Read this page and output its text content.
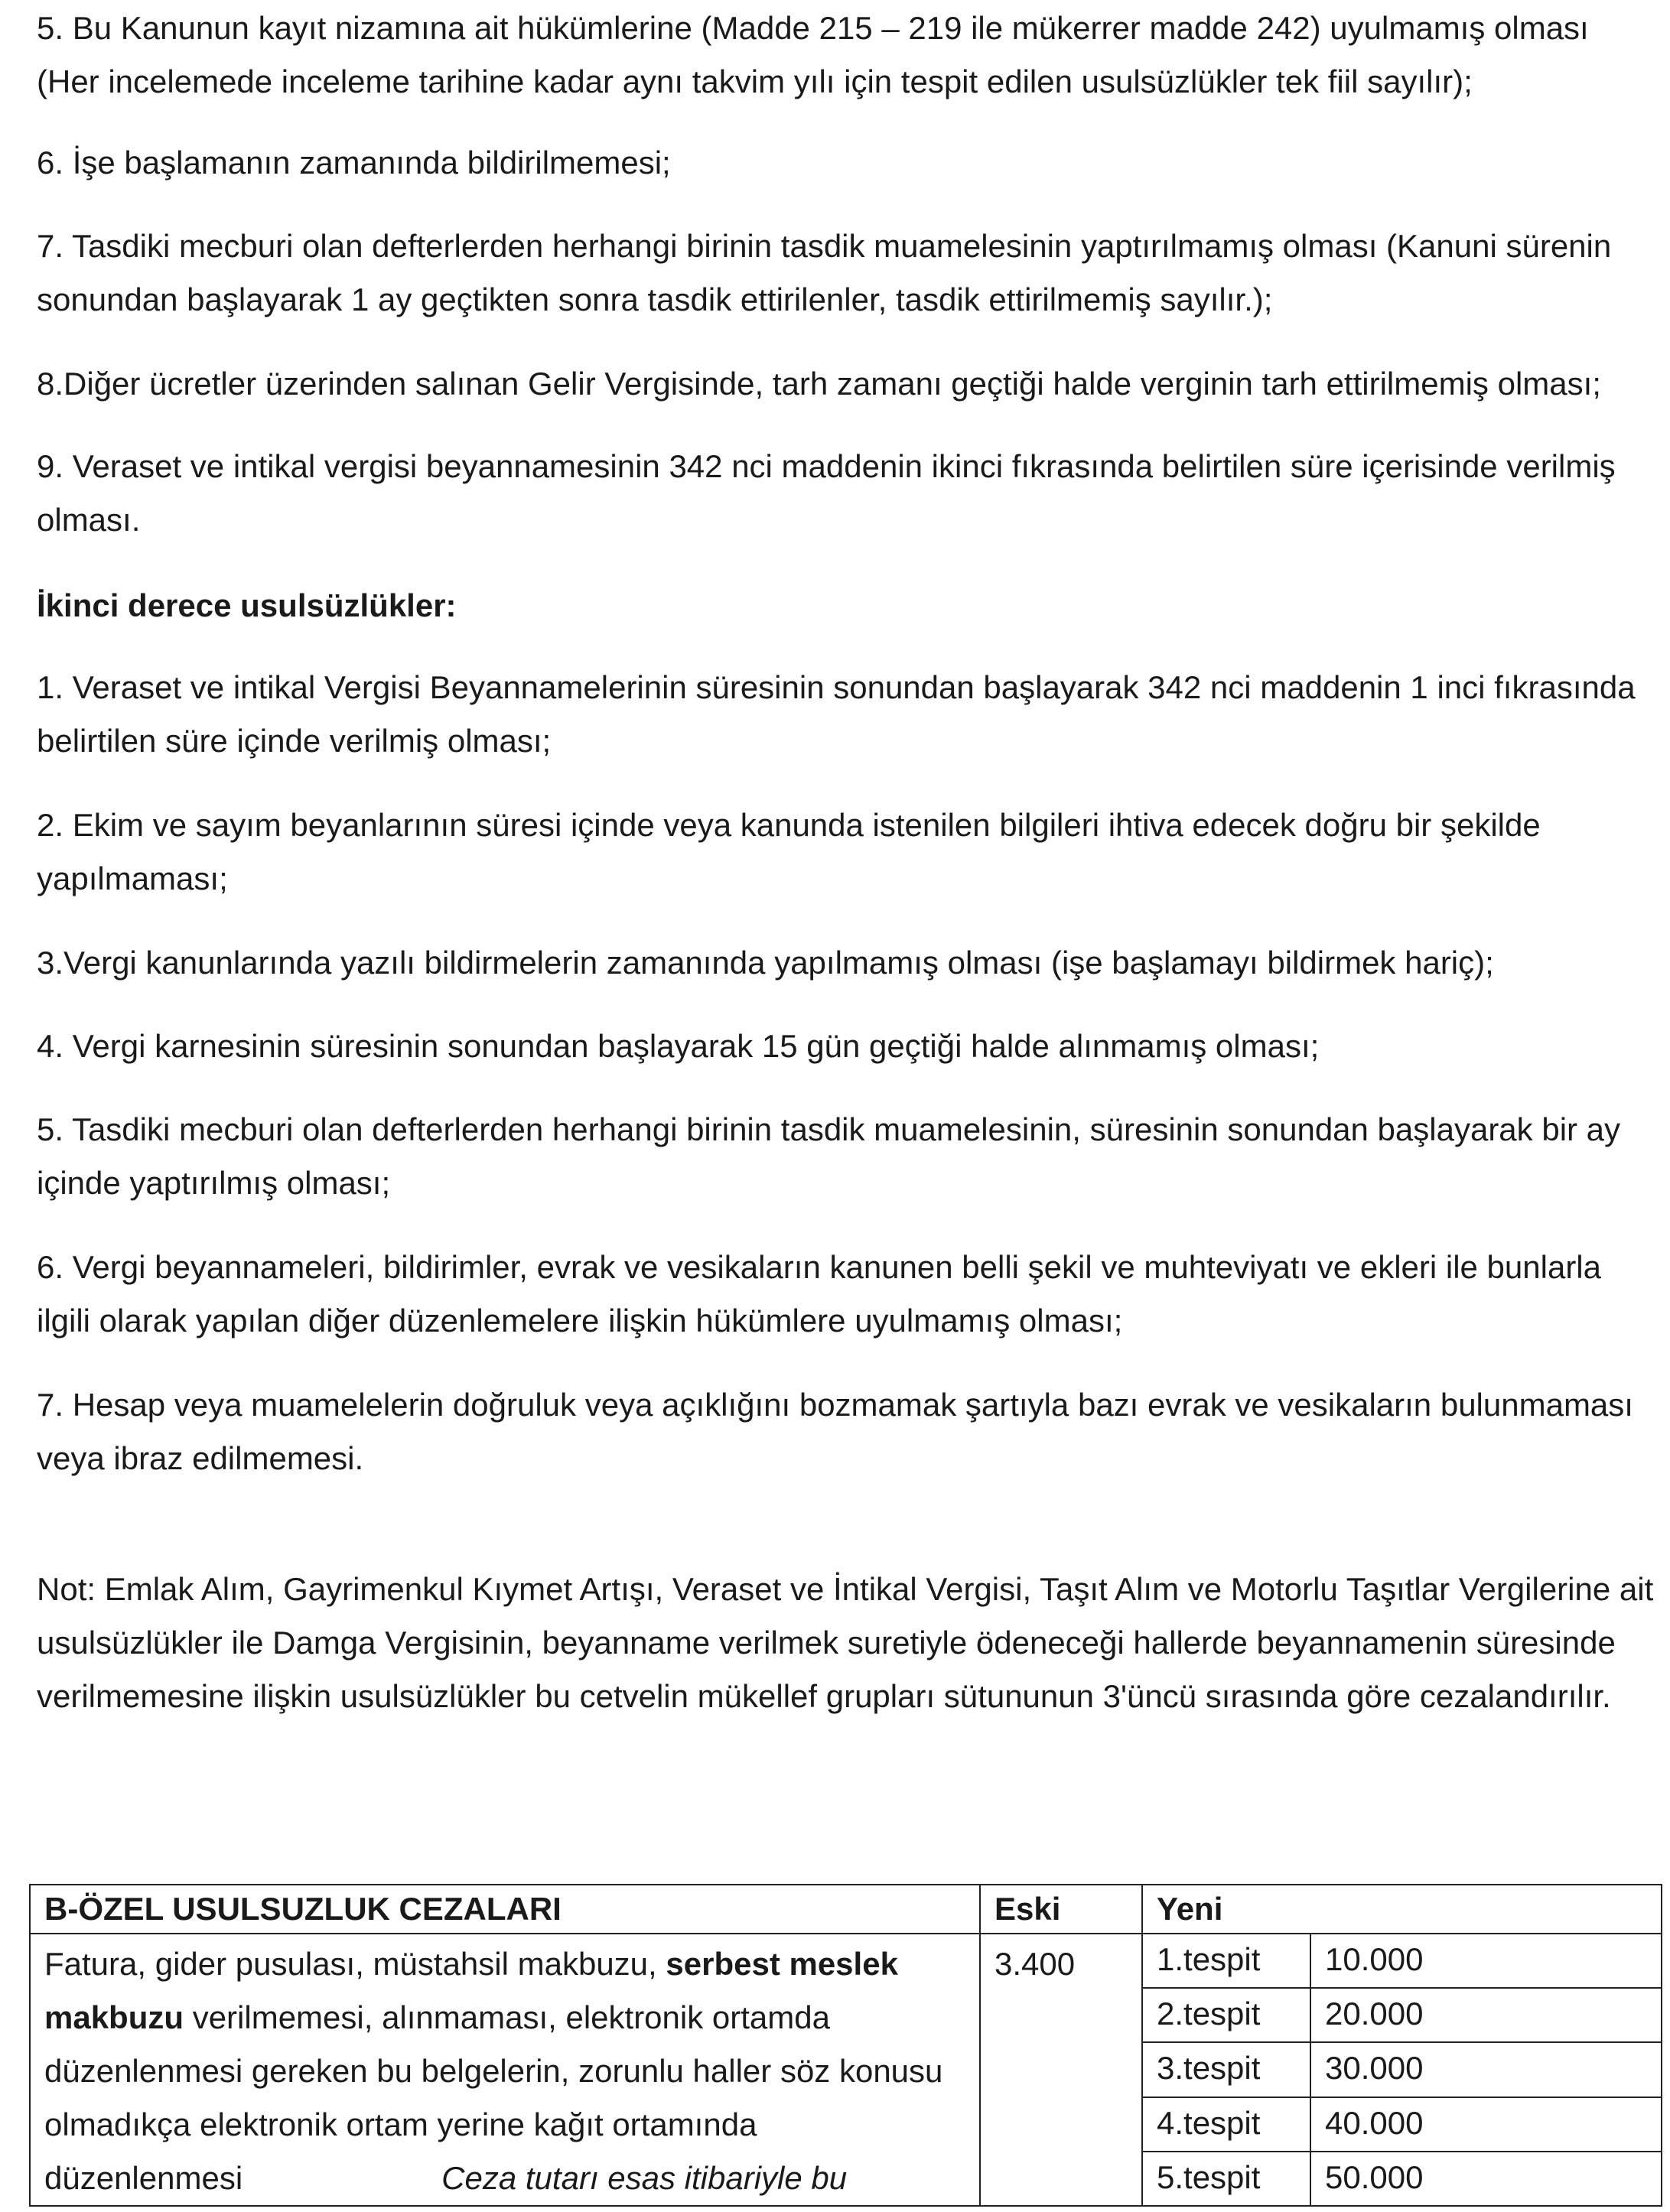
5. Bu Kanunun kayıt nizamına ait hükümlerine (Madde 215 – 219 ile mükerrer madde 242) uyulmamış olması
(Her incelemede inceleme tarihine kadar aynı takvim yılı için tespit edilen usulsüzlükler tek fiil sayılır);
6. İşe başlamanın zamanında bildirilmemesi;
7. Tasdiki mecburi olan defterlerden herhangi birinin tasdik muamelesinin yaptırılmamış olması (Kanuni sürenin
sonundan başlayarak 1 ay geçtikten sonra tasdik ettirilenler, tasdik ettirilmemiş sayılır.);
8.Diğer ücretler üzerinden salınan Gelir Vergisinde, tarh zamanı geçtiği halde verginin tarh ettirilmemiş olması;
9. Veraset ve intikal vergisi beyannamesinin 342 nci maddenin ikinci fıkrasında belirtilen süre içerisinde verilmiş
olması.
İkinci derece usulsüzlükler:
1. Veraset ve intikal Vergisi Beyannamelerinin süresinin sonundan başlayarak 342 nci maddenin 1 inci fıkrasında
belirtilen süre içinde verilmiş olması;
2. Ekim ve sayım beyanlarının süresi içinde veya kanunda istenilen bilgileri ihtiva edecek doğru bir şekilde
yapılmaması;
3.Vergi kanunlarında yazılı bildirmelerin zamanında yapılmamış olması (işe başlamayı bildirmek hariç);
4. Vergi karnesinin süresinin sonundan başlayarak 15 gün geçtiği halde alınmamış olması;
5. Tasdiki mecburi olan defterlerden herhangi birinin tasdik muamelesinin, süresinin sonundan başlayarak bir ay
içinde yaptırılmış olması;
6. Vergi beyannameleri, bildirimler, evrak ve vesikaların kanunen belli şekil ve muhteviyatı ve ekleri ile bunlarla
ilgili olarak yapılan diğer düzenlemelere ilişkin hükümlere uyulmamış olması;
7. Hesap veya muamelelerin doğruluk veya açıklığını bozmamak şartıyla bazı evrak ve vesikaların bulunmaması
veya ibraz edilmemesi.
Not: Emlak Alım, Gayrimenkul Kıymet Artışı, Veraset ve İntikal Vergisi, Taşıt Alım ve Motorlu Taşıtlar Vergilerine ait
usulsüzlükler ile Damga Vergisinin, beyanname verilmek suretiyle ödeneceği hallerde beyannamenin süresinde
verilmemesine ilişkin usulsüzlükler bu cetvelin mükellef grupları sütununun 3'üncü sırasında göre cezalandırılır.
B-ÖZEL USULSUZLUK CEZALARI	Eski	Yeni	

Fatura, gider pusulası, müstahsil makbuzu, serbest meslek
makbuzu verilmemesi, alınmaması, elektronik ortamda
düzenlenmesi gereken bu belgelerin, zorunlu haller söz konusu
olmadıkça elektronik ortam yerine kağıt ortamında
düzenlenmesi Ceza tutarı esas itibariyle bu	3.400	1.tespit	10.000
		2.tespit	20.000
		3.tespit	30.000
		4.tespit	40.000
		5.tespit	50.000
